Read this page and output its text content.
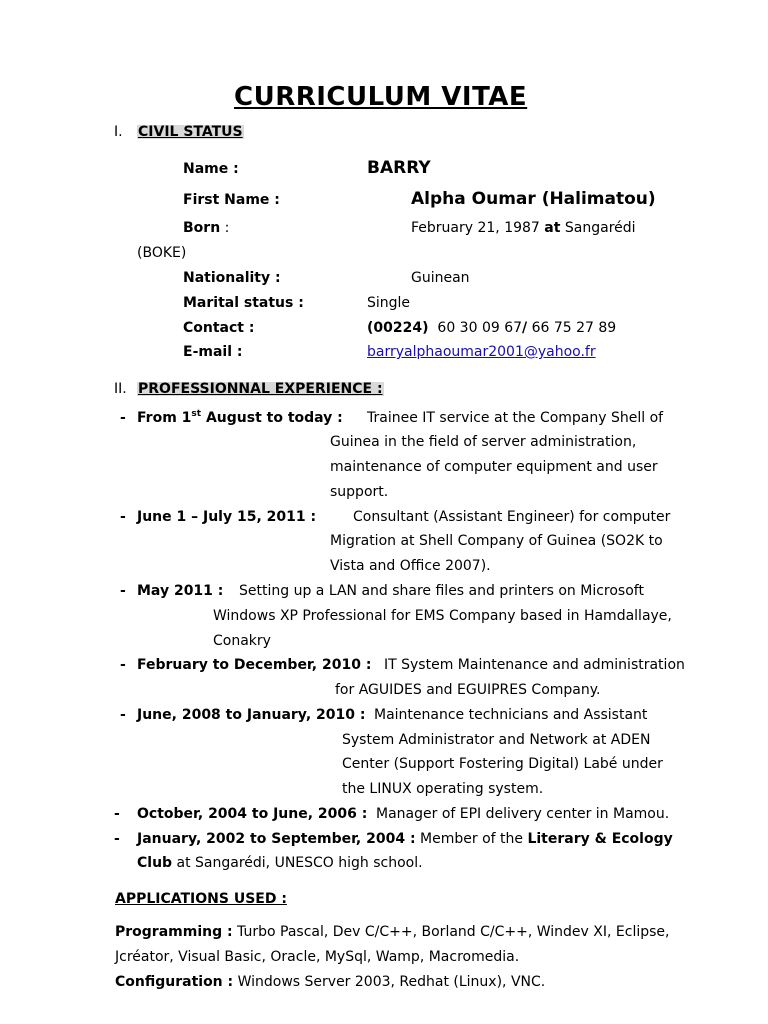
CURRICULUM VITAE
I. CIVIL STATUS
Name :	BARRY
First Name :	Alpha Oumar (Halimatou)
Born :	February 21, 1987 at Sangarédi
(BOKE)
Nationality :	Guinean
Marital status :	Single
Contact :	(00224) 60 30 09 67/ 66 75 27 89
E-mail :	barryalphaoumar2001@yahoo.fr
II. PROFESSIONNAL EXPERIENCE :
- From 1st August to today : Trainee IT service at the Company Shell of
Guinea in the field of server administration,
maintenance of computer equipment and user
support.
- June 1 – July 15, 2011 :	Consultant (Assistant Engineer) for computer
Migration at Shell Company of Guinea (SO2K to
Vista and Office 2007).
- May 2011 : Setting up a LAN and share files and printers on Microsoft
Windows XP Professional for EMS Company based in Hamdallaye,
Conakry
- February to December, 2010 : IT System Maintenance and administration
for AGUIDES and EGUIPRES Company.
- June, 2008 to January, 2010 : Maintenance technicians and Assistant
System Administrator and Network at ADEN
Center (Support Fostering Digital) Labé under
the LINUX operating system.
- October, 2004 to June, 2006 : Manager of EPI delivery center in Mamou.
- January, 2002 to September, 2004 : Member of the Literary & Ecology
Club at Sangarédi, UNESCO high school.
APPLICATIONS USED :
Programming : Turbo Pascal, Dev C/C++, Borland C/C++, Windev XI, Eclipse,
Jcréator, Visual Basic, Oracle, MySql, Wamp, Macromedia.
Configuration : Windows Server 2003, Redhat (Linux), VNC.
